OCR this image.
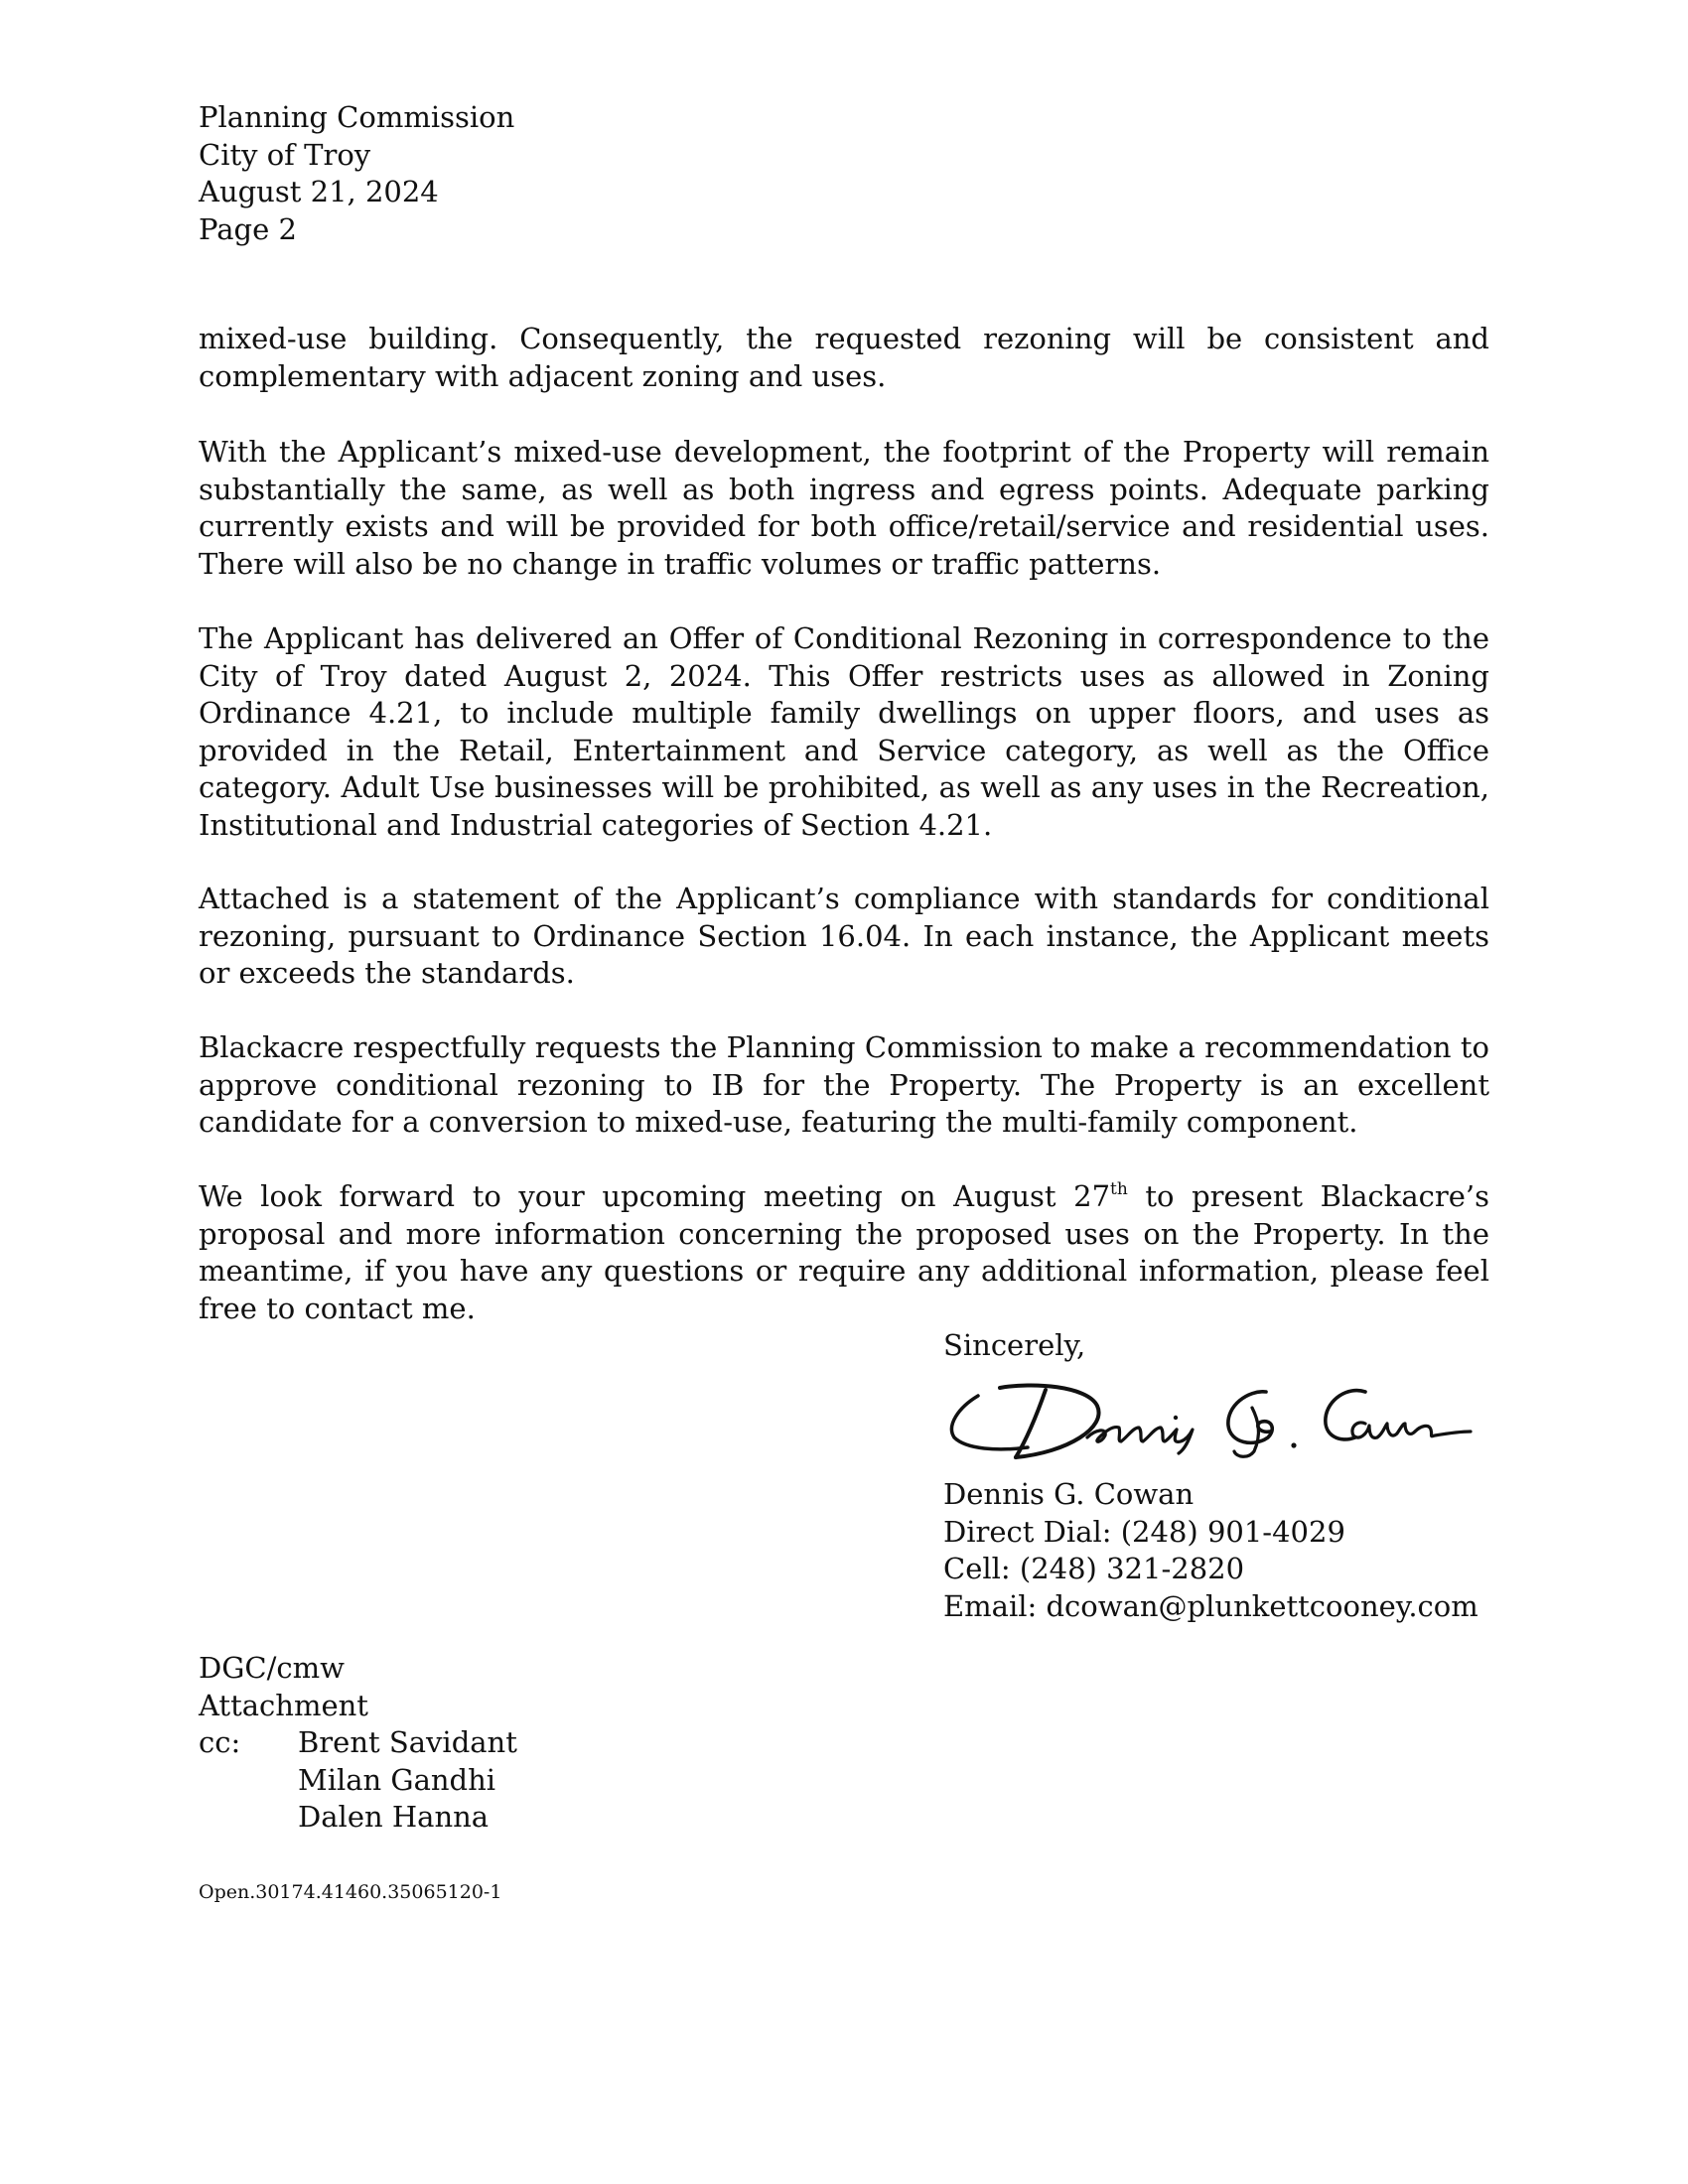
Planning Commission
City of Troy
August 21, 2024
Page 2

mixed-use building. Consequently, the requested rezoning will be consistent and complementary with adjacent zoning and uses.

With the Applicant’s mixed-use development, the footprint of the Property will remain substantially the same, as well as both ingress and egress points. Adequate parking currently exists and will be provided for both office/retail/service and residential uses. There will also be no change in traffic volumes or traffic patterns.

The Applicant has delivered an Offer of Conditional Rezoning in correspondence to the City of Troy dated August 2, 2024. This Offer restricts uses as allowed in Zoning Ordinance 4.21, to include multiple family dwellings on upper floors, and uses as provided in the Retail, Entertainment and Service category, as well as the Office category. Adult Use businesses will be prohibited, as well as any uses in the Recreation, Institutional and Industrial categories of Section 4.21.

Attached is a statement of the Applicant’s compliance with standards for conditional rezoning, pursuant to Ordinance Section 16.04. In each instance, the Applicant meets or exceeds the standards.

Blackacre respectfully requests the Planning Commission to make a recommendation to approve conditional rezoning to IB for the Property. The Property is an excellent candidate for a conversion to mixed-use, featuring the multi-family component.

We look forward to your upcoming meeting on August 27th to present Blackacre’s proposal and more information concerning the proposed uses on the Property. In the meantime, if you have any questions or require any additional information, please feel free to contact me.

Sincerely,
Dennis G. Cowan
Direct Dial: (248) 901-4029
Cell: (248) 321-2820
Email: dcowan@plunkettcooney.com
DGC/cmw
Attachment
cc:	Brent Savidant
Milan Gandhi
Dalen Hanna
Open.30174.41460.35065120-1
